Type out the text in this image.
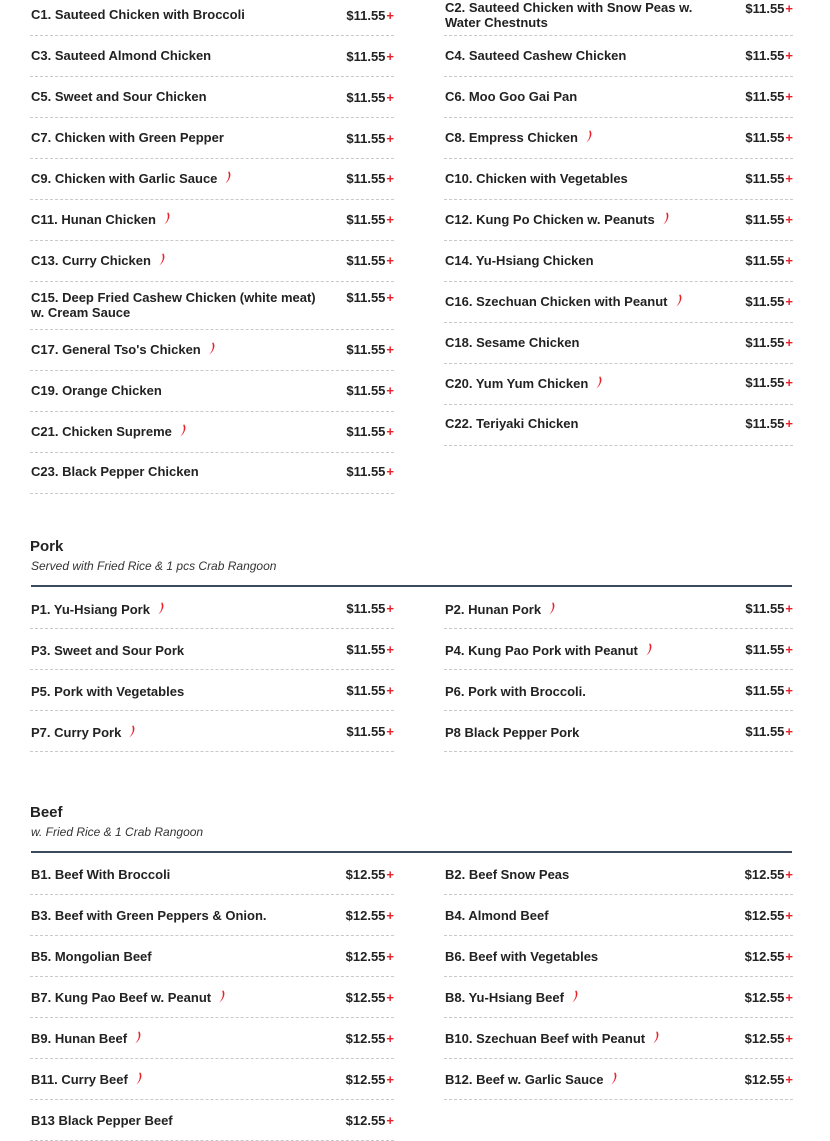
C1. Sauteed Chicken with Broccoli	$11.55+
C3. Sauteed Almond Chicken	$11.55+
C5. Sweet and Sour Chicken	$11.55+
C7. Chicken with Green Pepper	$11.55+
C9. Chicken with Garlic Sauce	$11.55+
C11. Hunan Chicken	$11.55+
C13. Curry Chicken	$11.55+
C15. Deep Fried Cashew Chicken (white meat) w. Cream Sauce
$11.55+
C17. General Tso's Chicken	$11.55+
C19. Orange Chicken	$11.55+
C21. Chicken Supreme	$11.55+
C23. Black Pepper Chicken	$11.55+
C2. Sauteed Chicken with Snow Peas w. Water Chestnuts
$11.55+
C4. Sauteed Cashew Chicken	$11.55+
C6. Moo Goo Gai Pan	$11.55+
C8. Empress Chicken	$11.55+
C10. Chicken with Vegetables	$11.55+
C12. Kung Po Chicken w. Peanuts	$11.55+
C14. Yu-Hsiang Chicken	$11.55+
C16. Szechuan Chicken with Peanut	$11.55+
C18. Sesame Chicken	$11.55+
C20. Yum Yum Chicken	$11.55+
C22. Teriyaki Chicken	$11.55+
Pork
Served with Fried Rice & 1 pcs Crab Rangoon
P1. Yu-Hsiang Pork	$11.55+
P3. Sweet and Sour Pork	$11.55+
P5. Pork with Vegetables	$11.55+
P7. Curry Pork	$11.55+
P2. Hunan Pork	$11.55+
P4. Kung Pao Pork with Peanut	$11.55+
P6. Pork with Broccoli.	$11.55+
P8 Black Pepper Pork	$11.55+
Beef
w. Fried Rice & 1 Crab Rangoon
B1. Beef With Broccoli	$12.55+
B3. Beef with Green Peppers & Onion.	$12.55+
B5. Mongolian Beef	$12.55+
B7. Kung Pao Beef w. Peanut	$12.55+
B9. Hunan Beef	$12.55+
B11. Curry Beef	$12.55+
B13 Black Pepper Beef	$12.55+
B2. Beef Snow Peas	$12.55+
B4. Almond Beef	$12.55+
B6. Beef with Vegetables	$12.55+
B8. Yu-Hsiang Beef	$12.55+
B10. Szechuan Beef with Peanut	$12.55+
B12. Beef w. Garlic Sauce	$12.55+
